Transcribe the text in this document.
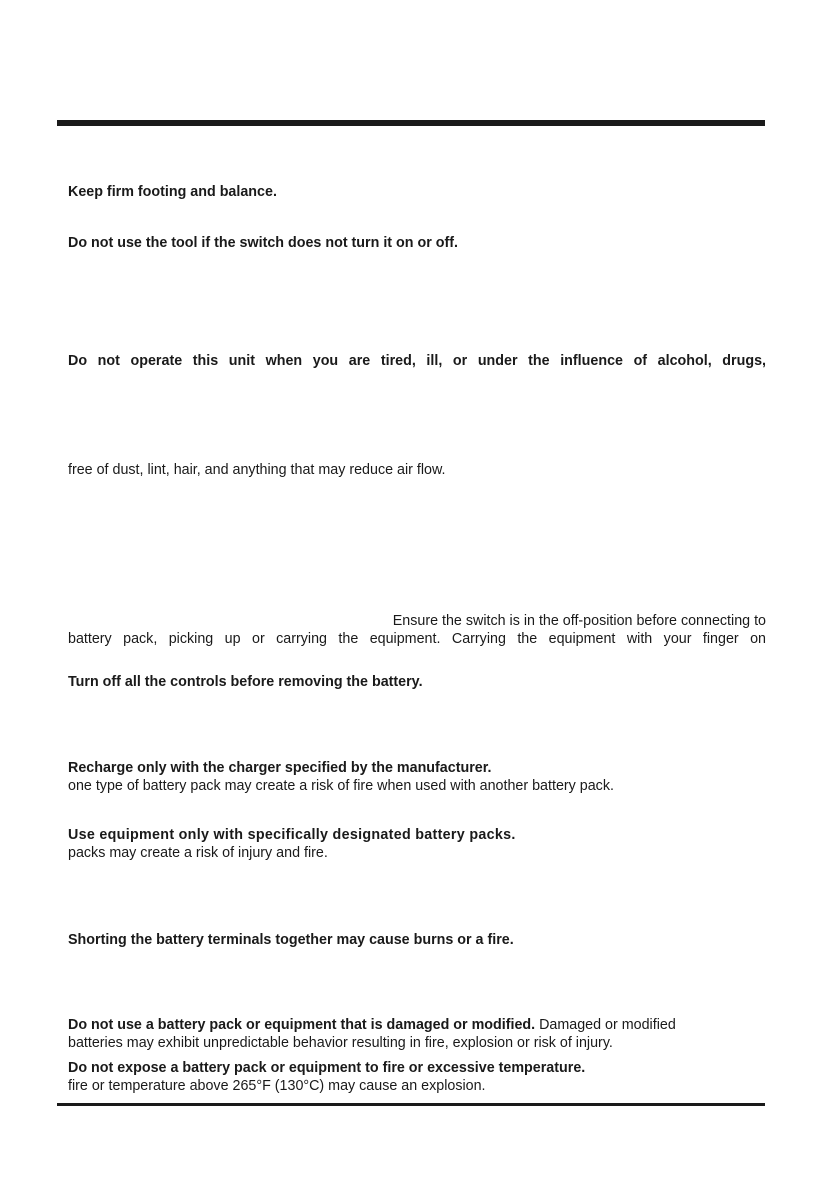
Keep firm footing and balance.

Do not use the tool if the switch does not turn it on or off.

Do not operate this unit when you are tired, ill, or under the influence of alcohol, drugs,

free of dust, lint, hair, and anything that may reduce air flow.

Ensure the switch is in the off-position before connecting to

battery pack, picking up or carrying the equipment. Carrying the equipment with your finger on

Turn off all the controls before removing the battery.

Recharge only with the charger specified by the manufacturer.

one type of battery pack may create a risk of fire when used with another battery pack.

Use equipment only with specifically designated battery packs.

packs may create a risk of injury and fire.

Shorting the battery terminals together may cause burns or a fire.

Do not use a battery pack or equipment that is damaged or modified. Damaged or modified

batteries may exhibit unpredictable behavior resulting in fire, explosion or risk of injury.

Do not expose a battery pack or equipment to fire or excessive temperature.

fire or temperature above 265°F (130°C) may cause an explosion.
